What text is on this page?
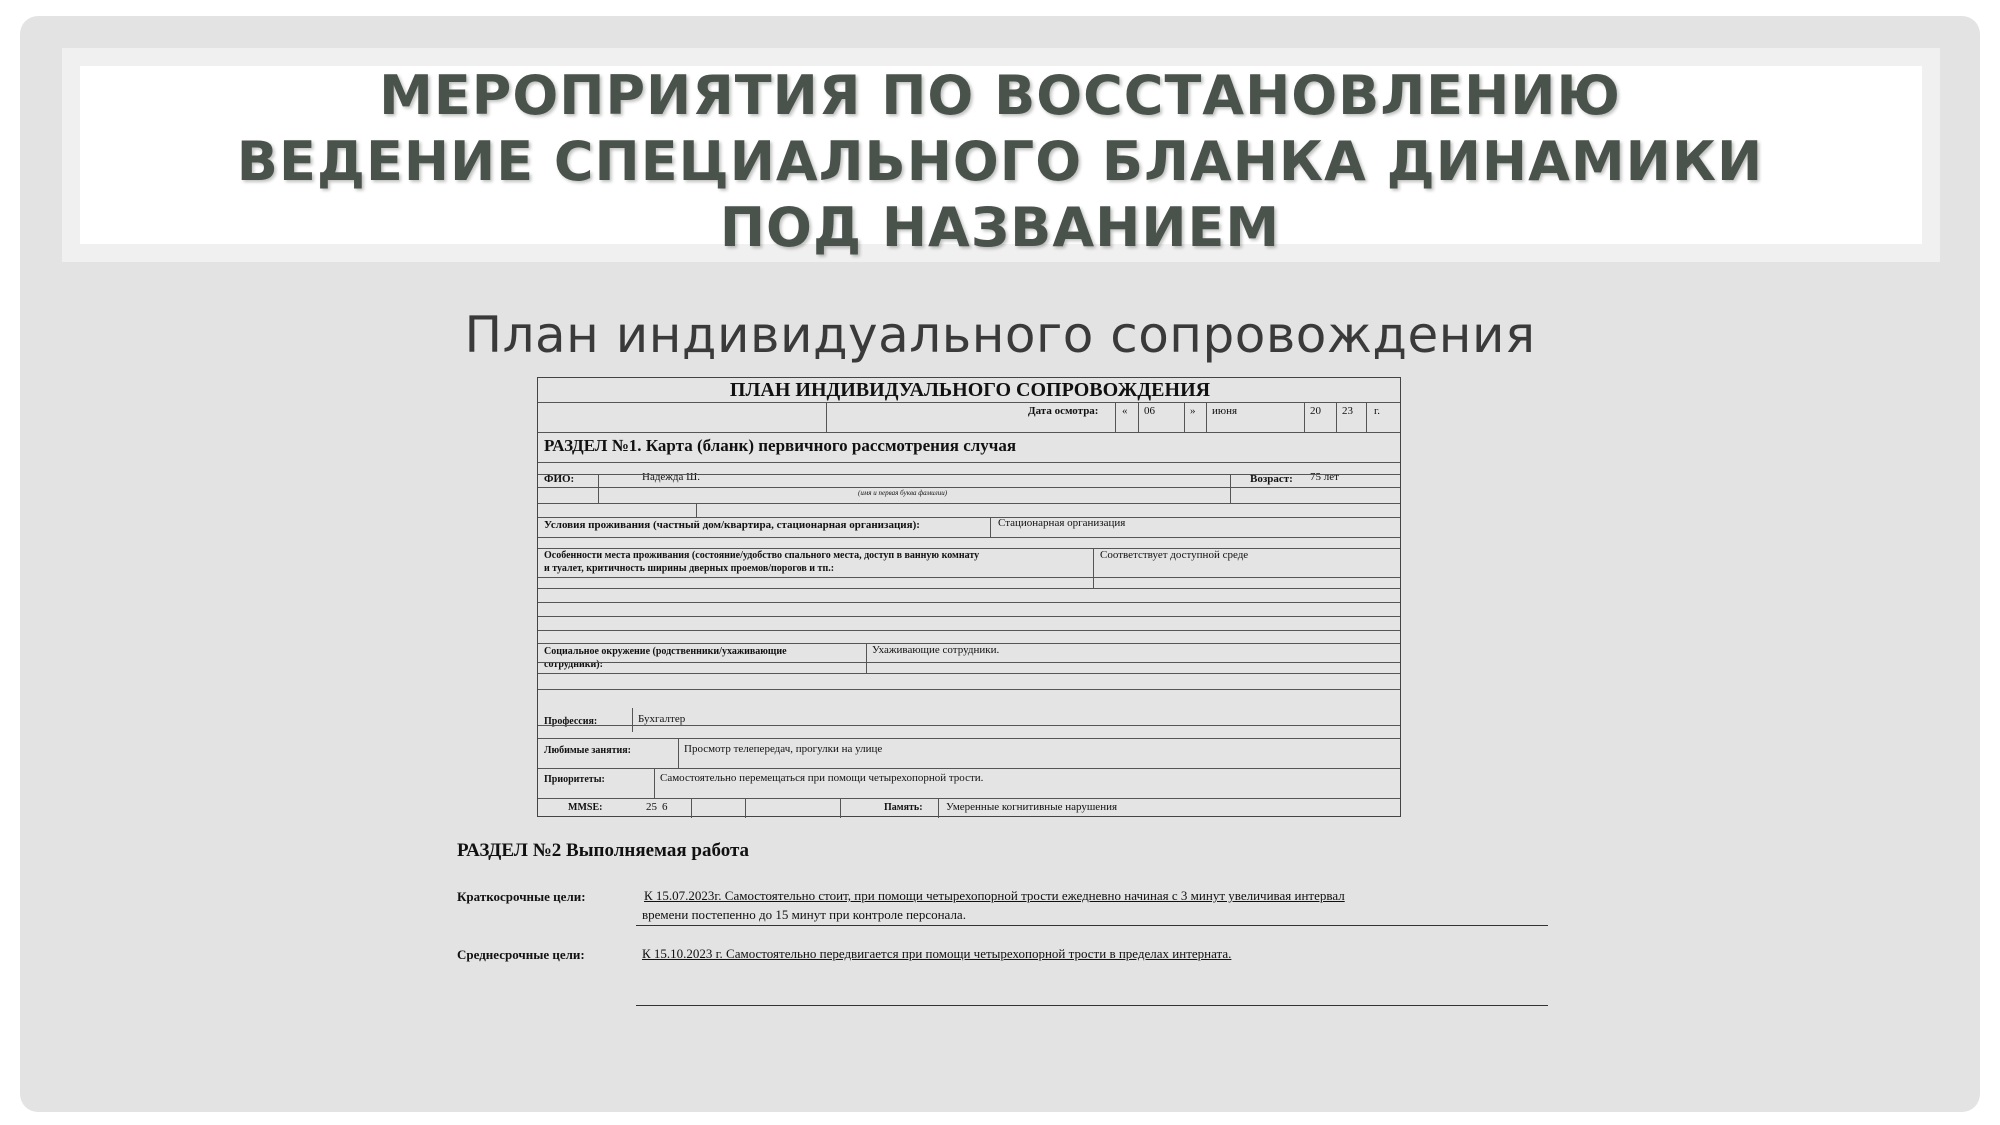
МЕРОПРИЯТИЯ ПО ВОССТАНОВЛЕНИЮ
ВЕДЕНИЕ СПЕЦИАЛЬНОГО БЛАНКА ДИНАМИКИ
ПОД НАЗВАНИЕМ
План индивидуального сопровождения
ПЛАН ИНДИВИДУАЛЬНОГО СОПРОВОЖДЕНИЯ
Дата осмотра: « 06	» июня	20 23 г.
РАЗДЕЛ №1. Карта (бланк) первичного рассмотрения случая
ФИО:	Надежда Ш.
(имя и первая буква фамилии)
Возраст: 75 лет
Условия проживания (частный дом/квартира, стационарная организация):	Стационарная организация
Особенности места проживания (состояние/удобство спального места, доступ в ванную комнату
и туалет, критичность ширины дверных проемов/порогов и тп.:
Соответствует доступной среде
Социальное окружение (родственники/ухаживающие
сотрудники):
Ухаживающие сотрудники.
Профессия:	Бухгалтер
Любимые занятия:	Просмотр телепередач, прогулки на улице
Приоритеты:	Самостоятельно перемещаться при помощи четырехопорной трости.
MMSE:	25 6	Память: Умеренные когнитивные нарушения
РАЗДЕЛ №2 Выполняемая работа
Краткосрочные цели:	К 15.07.2023г. Самостоятельно стоит, при помощи четырехопорной трости ежедневно начиная с 3 минут увеличивая интервал
времени постепенно до 15 минут при контроле персонала.
Среднесрочные цели:	К 15.10.2023 г. Самостоятельно передвигается при помощи четырехопорной трости в пределах интерната.
